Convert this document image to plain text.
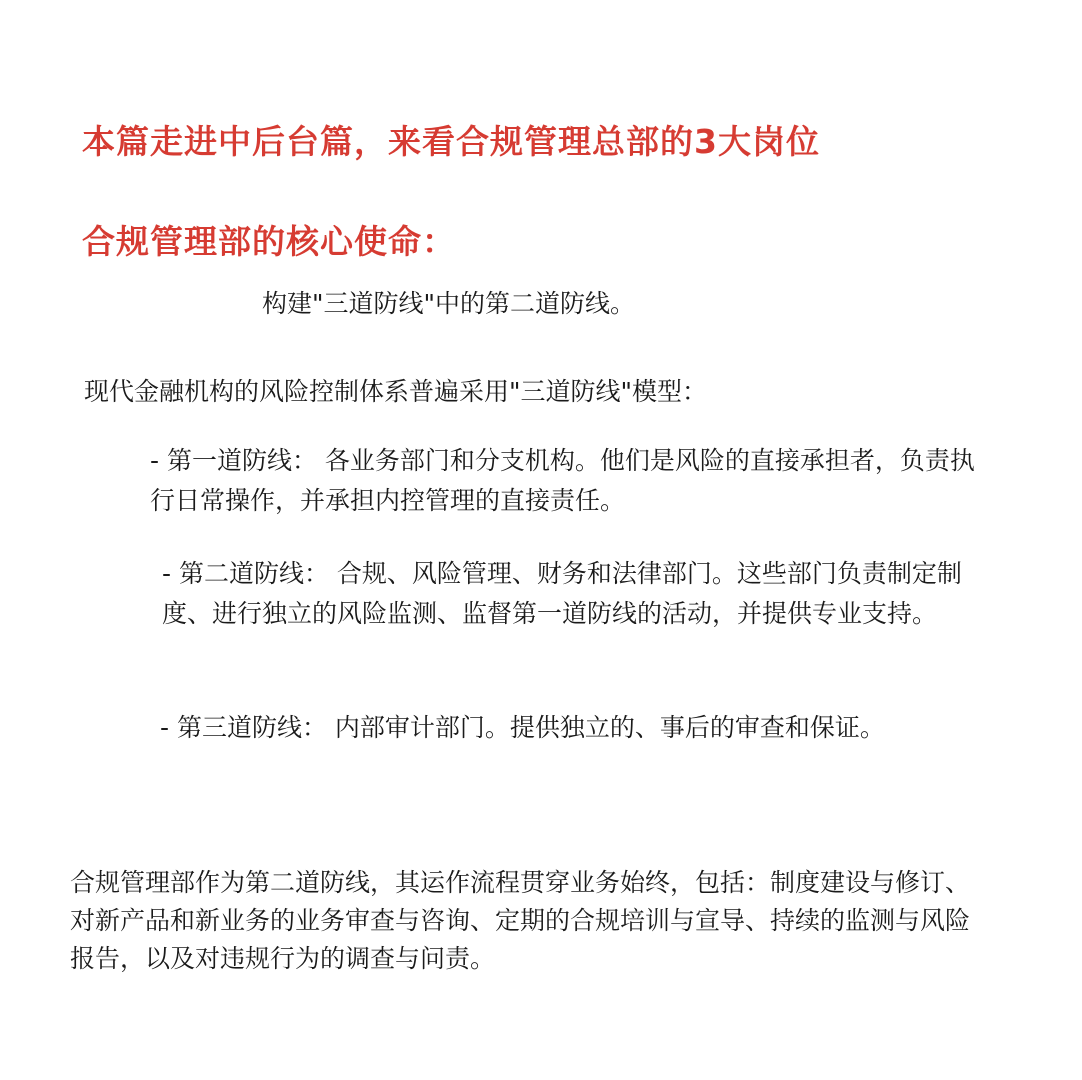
本篇走进中后台篇，来看合规管理总部的3大岗位
合规管理部的核心使命：
构建"三道防线"中的第二道防线。
现代金融机构的风险控制体系普遍采用"三道防线"模型：
- 第一道防线： 各业务部门和分支机构。他们是风险的直接承担者，负责执行日常操作，并承担内控管理的直接责任。
- 第二道防线： 合规、风险管理、财务和法律部门。这些部门负责制定制度、进行独立的风险监测、监督第一道防线的活动，并提供专业支持。
- 第三道防线： 内部审计部门。提供独立的、事后的审查和保证。
合规管理部作为第二道防线，其运作流程贯穿业务始终，包括：制度建设与修订、对新产品和新业务的业务审查与咨询、定期的合规培训与宣导、持续的监测与风险报告，以及对违规行为的调查与问责。
